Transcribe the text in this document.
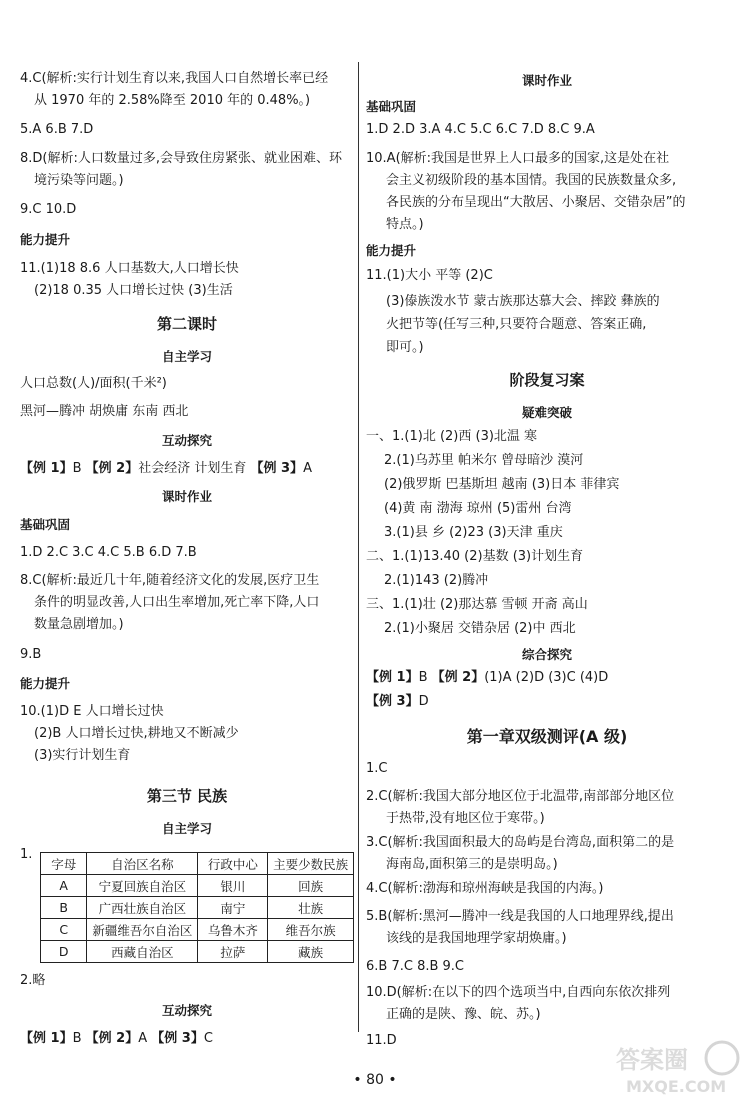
4.C(解析:实行计划生育以来,我国人口自然增长率已经
从 1970 年的 2.58%降至 2010 年的 0.48%。)
5.A 6.B 7.D
8.D(解析:人口数量过多,会导致住房紧张、就业困难、环
境污染等问题。)
9.C 10.D
能力提升
11.(1)18 8.6 人口基数大,人口增长快
(2)18 0.35 人口增长过快 (3)生活
第二课时
自主学习
人口总数(人)/面积(千米²)
黑河—腾冲 胡焕庸 东南 西北
互动探究
【例 1】B 【例 2】社会经济 计划生育 【例 3】A
课时作业
基础巩固
1.D 2.C 3.C 4.C 5.B 6.D 7.B
8.C(解析:最近几十年,随着经济文化的发展,医疗卫生
条件的明显改善,人口出生率增加,死亡率下降,人口
数量急剧增加。)
9.B
能力提升
10.(1)D E 人口增长过快
(2)B 人口增长过快,耕地又不断减少
(3)实行计划生育
第三节 民族
自主学习
1.
字母	自治区名称	行政中心	主要少数民族
A	宁夏回族自治区	银川	回族
B	广西壮族自治区	南宁	壮族
C	新疆维吾尔自治区	乌鲁木齐	维吾尔族
D	西藏自治区	拉萨	藏族
2.略
互动探究
【例 1】B 【例 2】A 【例 3】C
课时作业
基础巩固
1.D 2.D 3.A 4.C 5.C 6.C 7.D 8.C 9.A
10.A(解析:我国是世界上人口最多的国家,这是处在社
会主义初级阶段的基本国情。我国的民族数量众多,
各民族的分布呈现出“大散居、小聚居、交错杂居”的
特点。)
能力提升
11.(1)大小 平等 (2)C
(3)傣族泼水节 蒙古族那达慕大会、摔跤 彝族的
火把节等(任写三种,只要符合题意、答案正确,
即可。)
阶段复习案
疑难突破
一、1.(1)北 (2)西 (3)北温 寒
2.(1)乌苏里 帕米尔 曾母暗沙 漠河
(2)俄罗斯 巴基斯坦 越南 (3)日本 菲律宾
(4)黄 南 渤海 琼州 (5)雷州 台湾
3.(1)县 乡 (2)23 (3)天津 重庆
二、1.(1)13.40 (2)基数 (3)计划生育
2.(1)143 (2)腾冲
三、1.(1)壮 (2)那达慕 雪顿 开斋 高山
2.(1)小聚居 交错杂居 (2)中 西北
综合探究
【例 1】B 【例 2】(1)A (2)D (3)C (4)D
【例 3】D
第一章双级测评(A 级)
1.C
2.C(解析:我国大部分地区位于北温带,南部部分地区位
于热带,没有地区位于寒带。)
3.C(解析:我国面积最大的岛屿是台湾岛,面积第二的是
海南岛,面积第三的是崇明岛。)
4.C(解析:渤海和琼州海峡是我国的内海。)
5.B(解析:黑河—腾冲一线是我国的人口地理界线,提出
该线的是我国地理学家胡焕庸。)
6.B 7.C 8.B 9.C
10.D(解析:在以下的四个选项当中,自西向东依次排列
正确的是陕、豫、皖、苏。)
11.D
• 80 •
答案圈
MXQE.COM
